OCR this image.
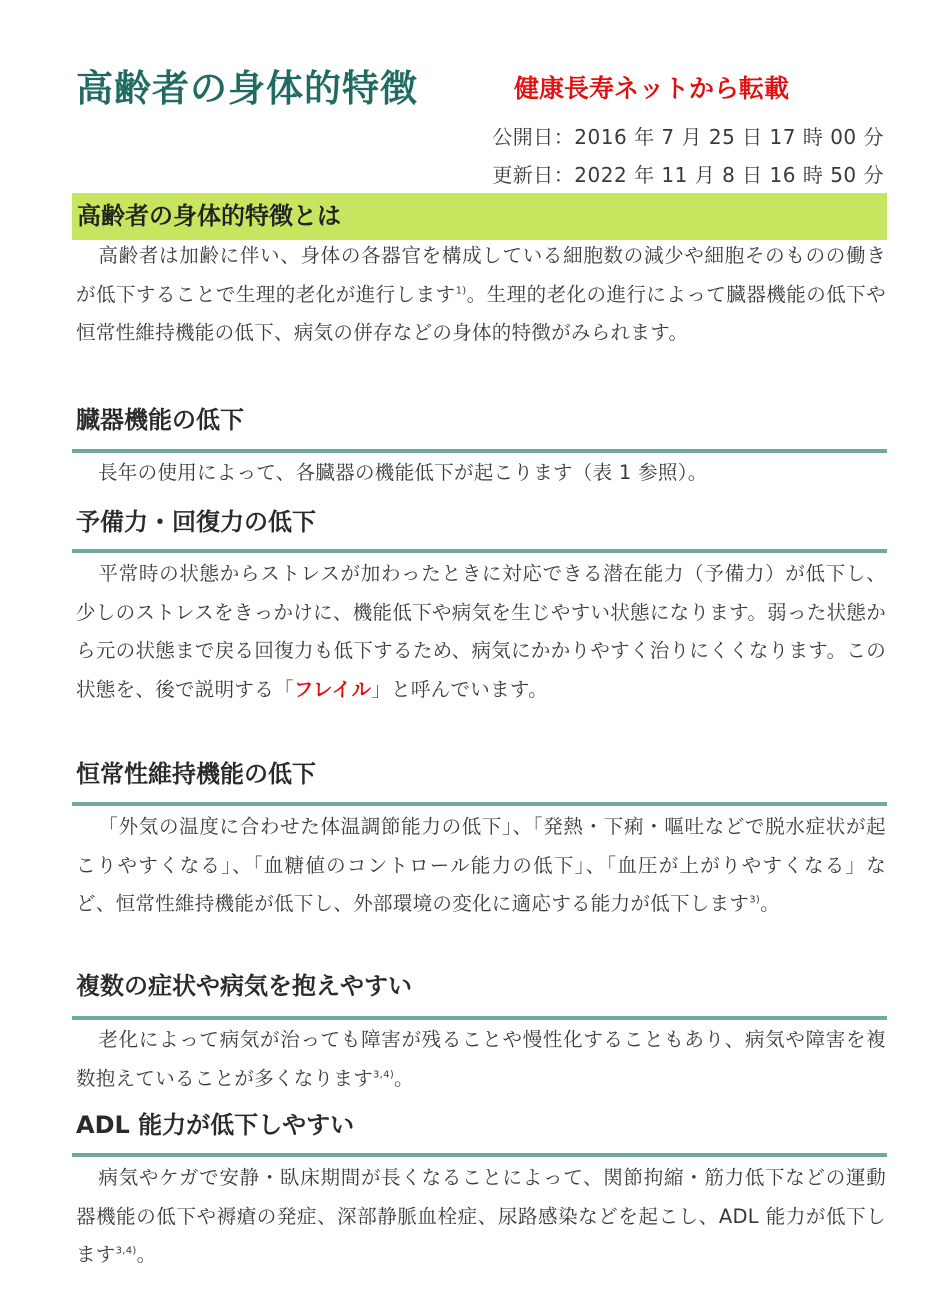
高齢者の身体的特徴	健康長寿ネットから転載
公開日：2016 年 7 月 25 日 17 時 00 分
更新日：2022 年 11 月 8 日 16 時 50 分
高齢者の身体的特徴とは

高齢者は加齢に伴い、身体の各器官を構成している細胞数の減少や細胞そのものの働きが低下することで生理的老化が進行します$^{1)}$。生理的老化の進行によって臓器機能の低下や恒常性維持機能の低下、病気の併存などの身体的特徴がみられます。

臓器機能の低下

長年の使用によって、各臓器の機能低下が起こります（表 1 参照）。

予備力・回復力の低下

平常時の状態からストレスが加わったときに対応できる潜在能力（予備力）が低下し、少しのストレスをきっかけに、機能低下や病気を生じやすい状態になります。弱った状態から元の状態まで戻る回復力も低下するため、病気にかかりやすく治りにくくなります。この状態を、後で説明する「フレイル」と呼んでいます。

恒常性維持機能の低下

「外気の温度に合わせた体温調節能力の低下」、「発熱・下痢・嘔吐などで脱水症状が起こりやすくなる」、「血糖値のコントロール能力の低下」、「血圧が上がりやすくなる」など、恒常性維持機能が低下し、外部環境の変化に適応する能力が低下します$^{3)}$。

複数の症状や病気を抱えやすい

老化によって病気が治っても障害が残ることや慢性化することもあり、病気や障害を複数抱えていることが多くなります$^{3,4)}$。

ADL 能力が低下しやすい

病気やケガで安静・臥床期間が長くなることによって、関節拘縮・筋力低下などの運動器機能の低下や褥瘡の発症、深部静脈血栓症、尿路感染などを起こし、ADL 能力が低下します$^{3,4)}$。
